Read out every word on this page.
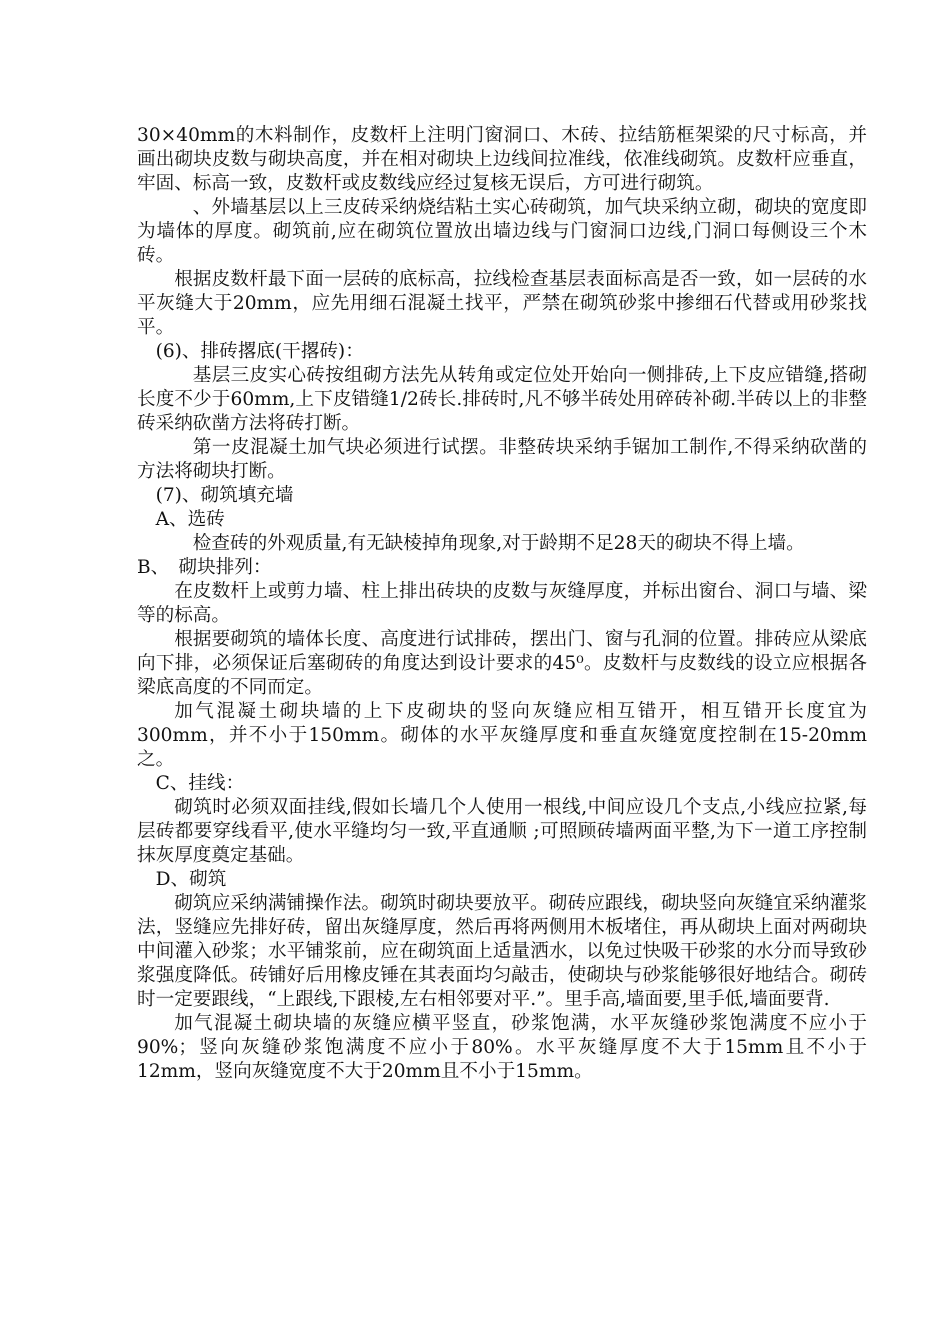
30×40mm的木料制作，皮数杆上注明门窗洞口、木砖、拉结筋框架梁的尺寸标高，并画出砌块皮数与砌块高度，并在相对砌块上边线间拉准线，依准线砌筑。皮数杆应垂直，牢固、标高一致，皮数杆或皮数线应经过复核无误后，方可进行砌筑。

、外墙基层以上三皮砖采纳烧结粘土实心砖砌筑，加气块采纳立砌，砌块的宽度即为墙体的厚度。砌筑前,应在砌筑位置放出墙边线与门窗洞口边线,门洞口每侧设三个木砖。

根据皮数杆最下面一层砖的底标高，拉线检查基层表面标高是否一致，如一层砖的水平灰缝大于20mm，应先用细石混凝土找平，严禁在砌筑砂浆中掺细石代替或用砂浆找平。

(6)、排砖撂底(干撂砖)：

基层三皮实心砖按组砌方法先从转角或定位处开始向一侧排砖,上下皮应错缝,搭砌长度不少于60mm,上下皮错缝1/2砖长.排砖时,凡不够半砖处用碎砖补砌.半砖以上的非整砖采纳砍凿方法将砖打断。

第一皮混凝土加气块必须进行试摆。非整砖块采纳手锯加工制作,不得采纳砍凿的方法将砌块打断。

(7)、砌筑填充墙

A、选砖

检查砖的外观质量,有无缺棱掉角现象,对于龄期不足28天的砌块不得上墙。

B、　砌块排列：

在皮数杆上或剪力墙、柱上排出砖块的皮数与灰缝厚度，并标出窗台、洞口与墙、梁等的标高。

根据要砌筑的墙体长度、高度进行试排砖，摆出门、窗与孔洞的位置。排砖应从梁底向下排，必须保证后塞砌砖的角度达到设计要求的45⁰。皮数杆与皮数线的设立应根据各梁底高度的不同而定。

加气混凝土砌块墙的上下皮砌块的竖向灰缝应相互错开，相互错开长度宜为300mm，并不小于150mm。砌体的水平灰缝厚度和垂直灰缝宽度控制在15-20mm之。

C、挂线：

砌筑时必须双面挂线,假如长墙几个人使用一根线,中间应设几个支点,小线应拉紧,每层砖都要穿线看平,使水平缝均匀一致,平直通顺 ;可照顾砖墙两面平整,为下一道工序控制抹灰厚度奠定基础。

D、砌筑

砌筑应采纳满铺操作法。砌筑时砌块要放平。砌砖应跟线，砌块竖向灰缝宜采纳灌浆法，竖缝应先排好砖，留出灰缝厚度，然后再将两侧用木板堵住，再从砌块上面对两砌块中间灌入砂浆；水平铺浆前，应在砌筑面上适量洒水，以免过快吸干砂浆的水分而导致砂浆强度降低。砖铺好后用橡皮锤在其表面均匀敲击，使砌块与砂浆能够很好地结合。砌砖时一定要跟线，“上跟线,下跟棱,左右相邻要对平.”。里手高,墙面要,里手低,墙面要背.

加气混凝土砌块墙的灰缝应横平竖直，砂浆饱满，水平灰缝砂浆饱满度不应小于90%；竖向灰缝砂浆饱满度不应小于80%。水平灰缝厚度不大于15mm且不小于12mm，竖向灰缝宽度不大于20mm且不小于15mm。
